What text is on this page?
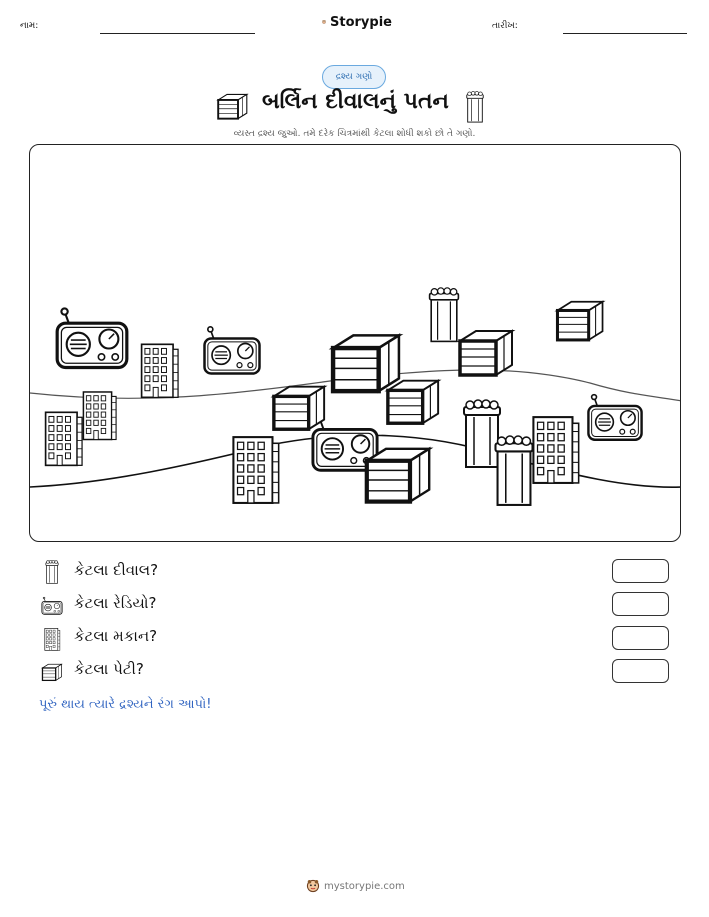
નામ:	Storypie	તારીખ:
દ્રશ્ય ગણો
બર્લિન દીવાલનું પતન
વ્યસ્ત દ્રશ્ય જુઓ. તમે દરેક ચિત્રમાંથી કેટલા શોધી શકો છો તે ગણો.
કેટલા દીવાલ?
કેટલા રેડિયો?
કેટલા મકાન?
કેટલા પેટી?
પૂરું થાય ત્યારે દ્રશ્યને રંગ આપો!
mystorypie.com
